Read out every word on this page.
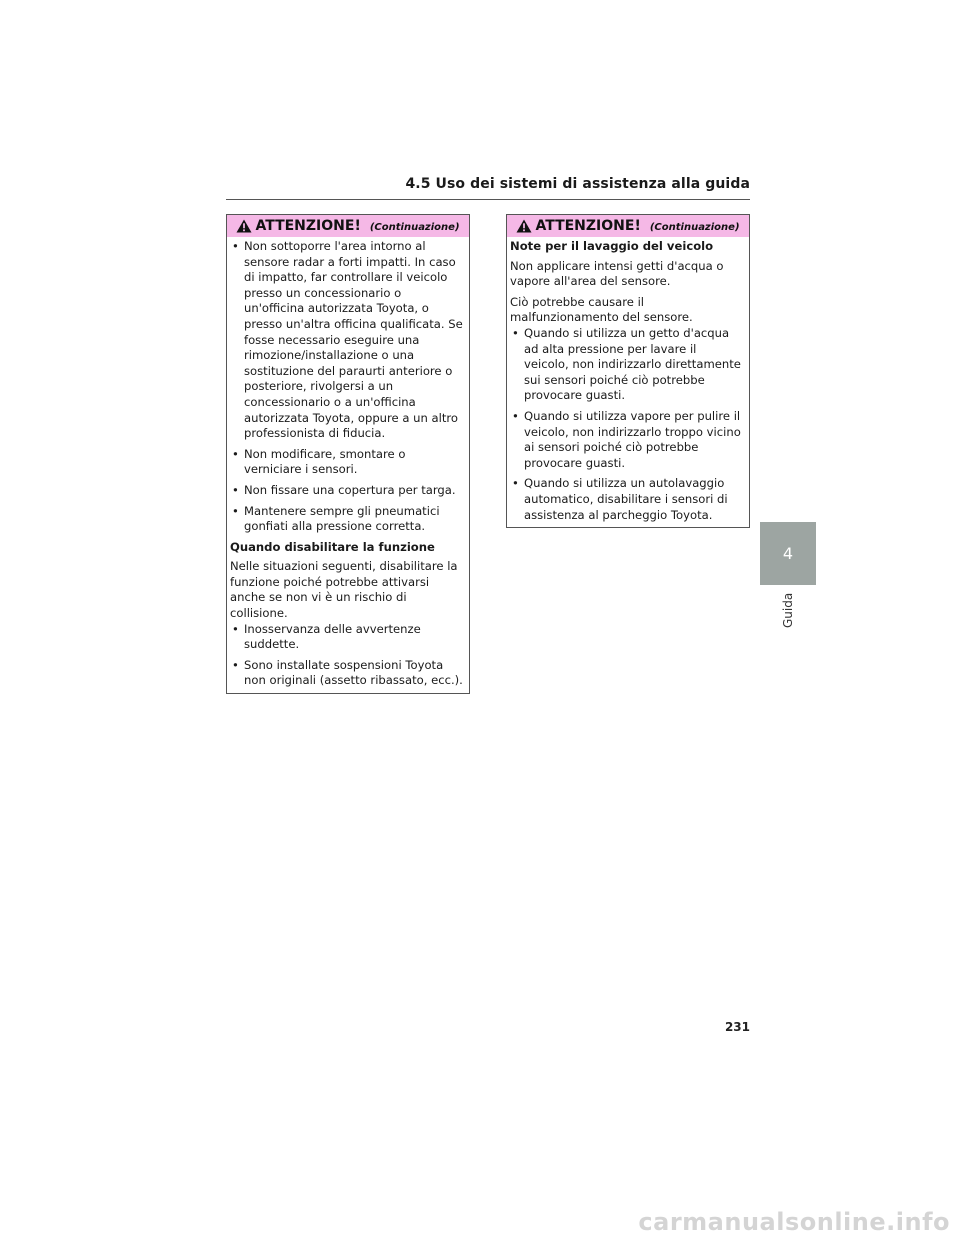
4.5 Uso dei sistemi di assistenza alla guida
ATTENZIONE! (Continuazione)
• Non sottoporre l'area intorno al sensore radar a forti impatti. In caso di impatto, far controllare il veicolo presso un concessionario o un'officina autorizzata Toyota, o presso un'altra officina qualificata. Se fosse necessario eseguire una rimozione/installazione o una sostituzione del paraurti anteriore o posteriore, rivolgersi a un concessionario o a un'officina autorizzata Toyota, oppure a un altro professionista di fiducia.
• Non modificare, smontare o verniciare i sensori.
• Non fissare una copertura per targa.
• Mantenere sempre gli pneumatici gonfiati alla pressione corretta.
Quando disabilitare la funzione
Nelle situazioni seguenti, disabilitare la funzione poiché potrebbe attivarsi anche se non vi è un rischio di collisione.
• Inosservanza delle avvertenze suddette.
• Sono installate sospensioni Toyota non originali (assetto ribassato, ecc.).
ATTENZIONE! (Continuazione)
Note per il lavaggio del veicolo
Non applicare intensi getti d'acqua o vapore all'area del sensore.
Ciò potrebbe causare il malfunzionamento del sensore.
• Quando si utilizza un getto d'acqua ad alta pressione per lavare il veicolo, non indirizzarlo direttamente sui sensori poiché ciò potrebbe provocare guasti.
• Quando si utilizza vapore per pulire il veicolo, non indirizzarlo troppo vicino ai sensori poiché ciò potrebbe provocare guasti.
• Quando si utilizza un autolavaggio automatico, disabilitare i sensori di assistenza al parcheggio Toyota.
4
Guida
231
carmanualsonline.info
